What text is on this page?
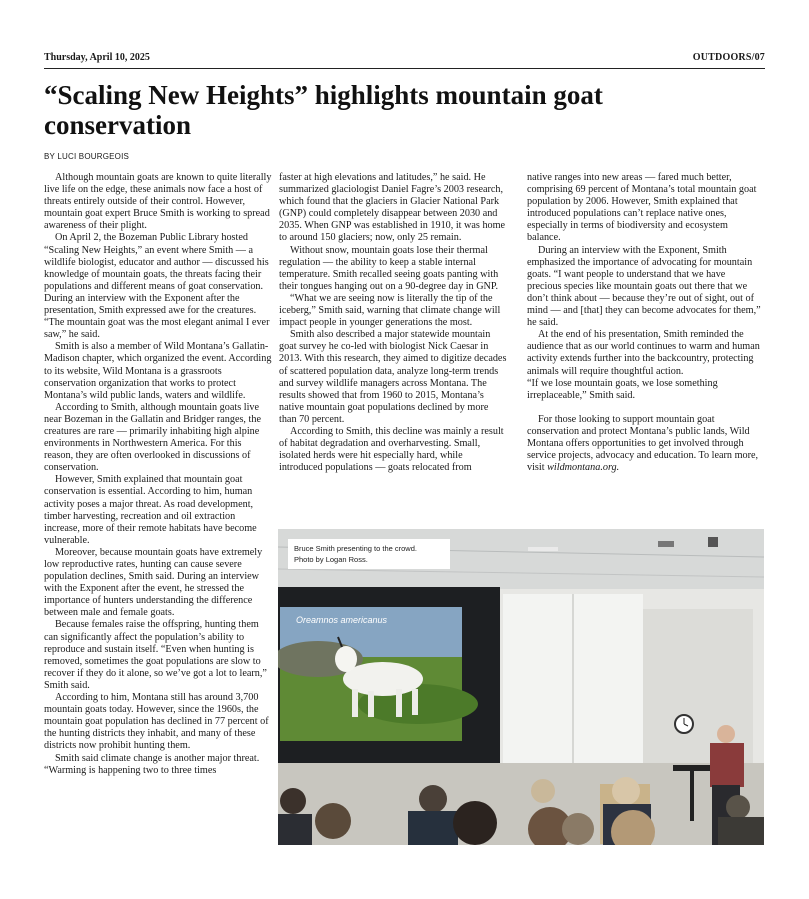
Thursday, April 10, 2025	OUTDOORS/07
“Scaling New Heights” highlights mountain goat conservation
BY LUCI BOURGEOIS

Although mountain goats are known to quite literally live life on the edge, these animals now face a host of threats entirely outside of their control. However, mountain goat expert Bruce Smith is working to spread awareness of their plight.

On April 2, the Bozeman Public Library hosted “Scaling New Heights,” an event where Smith — a wildlife biologist, educator and author — discussed his knowledge of mountain goats, the threats facing their populations and different means of goat conservation. During an interview with the Exponent after the presentation, Smith expressed awe for the creatures. “The mountain goat was the most elegant animal I ever saw,” he said.

Smith is also a member of Wild Montana’s Gallatin-Madison chapter, which organized the event. According to its website, Wild Montana is a grassroots conservation organization that works to protect Montana’s wild public lands, waters and wildlife.

According to Smith, although mountain goats live near Bozeman in the Gallatin and Bridger ranges, the creatures are rare — primarily inhabiting high alpine environments in Northwestern America. For this reason, they are often overlooked in discussions of conservation.

However, Smith explained that mountain goat conservation is essential. According to him, human activity poses a major threat. As road development, timber harvesting, recreation and oil extraction increase, more of their remote habitats have become vulnerable.

Moreover, because mountain goats have extremely low reproductive rates, hunting can cause severe population declines, Smith said. During an interview with the Exponent after the event, he stressed the importance of hunters understanding the difference between male and female goats.

Because females raise the offspring, hunting them can significantly affect the population’s ability to reproduce and sustain itself. “Even when hunting is removed, sometimes the goat populations are slow to recover if they do it alone, so we’ve got a lot to learn,” Smith said.

According to him, Montana still has around 3,700 mountain goats today. However, since the 1960s, the mountain goat population has declined in 77 percent of the hunting districts they inhabit, and many of these districts now prohibit hunting them.

Smith said climate change is another major threat. “Warming is happening two to three times

faster at high elevations and latitudes,” he said. He summarized glaciologist Daniel Fagre’s 2003 research, which found that the glaciers in Glacier National Park (GNP) could completely disappear between 2030 and 2035. When GNP was established in 1910, it was home to around 150 glaciers; now, only 25 remain.

Without snow, mountain goats lose their thermal regulation — the ability to keep a stable internal temperature. Smith recalled seeing goats panting with their tongues hanging out on a 90-degree day in GNP.

“What we are seeing now is literally the tip of the iceberg,” Smith said, warning that climate change will impact people in younger generations the most.

Smith also described a major statewide mountain goat survey he co-led with biologist Nick Caesar in 2013. With this research, they aimed to digitize decades of scattered population data, analyze long-term trends and survey wildlife managers across Montana. The results showed that from 1960 to 2015, Montana’s native mountain goat populations declined by more than 70 percent.

According to Smith, this decline was mainly a result of habitat degradation and overharvesting. Small, isolated herds were hit especially hard, while introduced populations — goats relocated from

native ranges into new areas — fared much better, comprising 69 percent of Montana’s total mountain goat population by 2006. However, Smith explained that introduced populations can’t replace native ones, especially in terms of biodiversity and ecosystem balance.

During an interview with the Exponent, Smith emphasized the importance of advocating for mountain goats. “I want people to understand that we have precious species like mountain goats out there that we don’t think about — because they’re out of sight, out of mind — and [that] they can become advocates for them,” he said.

At the end of his presentation, Smith reminded the audience that as our world continues to warm and human activity extends further into the backcountry, protecting animals will require thoughtful action.

“If we lose mountain goats, we lose something irreplaceable,” Smith said.

For those looking to support mountain goat conservation and protect Montana’s public lands, Wild Montana offers opportunities to get involved through service projects, advocacy and education. To learn more, visit wildmontana.org.

Bruce Smith presenting to the crowd.
Photo by Logan Ross.
Oreamnos americanus
